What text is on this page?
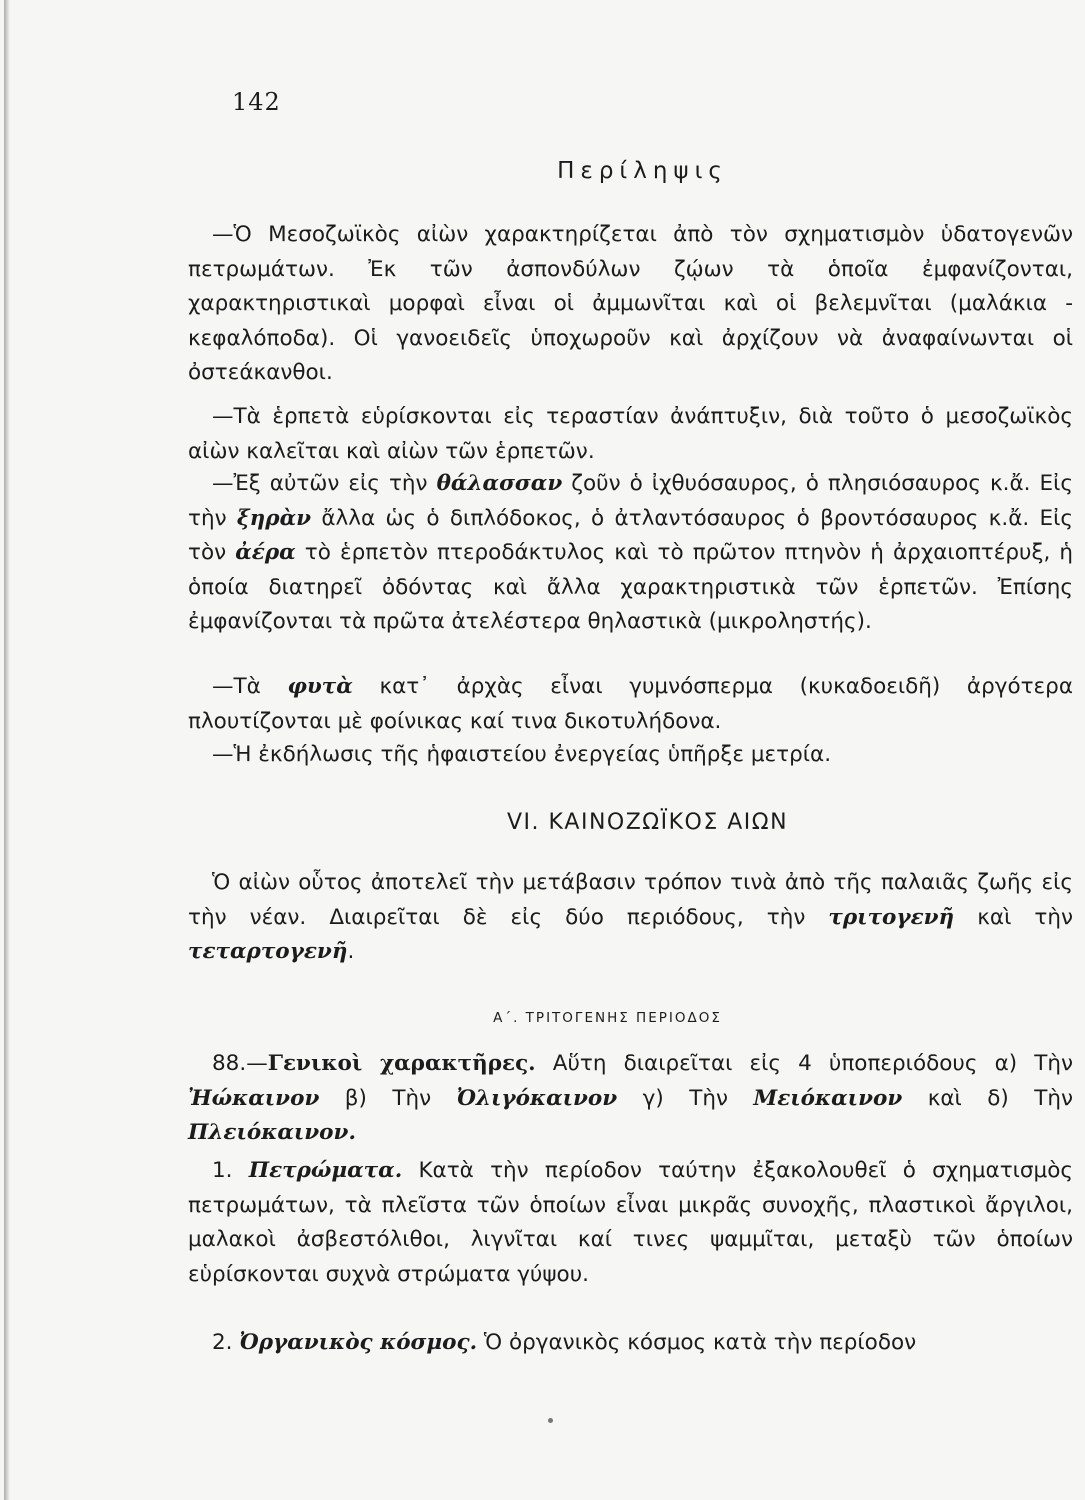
142
Περίληψις

—Ὁ Μεσοζωϊκὸς αἰὼν χαρακτηρίζεται ἀπὸ τὸν σχηματισμὸν ὑδατογενῶν πετρωμάτων. Ἐκ τῶν ἀσπονδύλων ζῴων τὰ ὁποῖα ἐμφανίζονται, χαρακτηριστικαὶ μορφαὶ εἶναι οἱ ἀμμωνῖται καὶ οἱ βελεμνῖται (μαλάκια - κεφαλόποδα). Οἱ γανοειδεῖς ὑποχωροῦν καὶ ἀρχίζουν νὰ ἀναφαίνωνται οἱ ὀστεάκανθοι.

—Τὰ ἑρπετὰ εὑρίσκονται εἰς τεραστίαν ἀνάπτυξιν, διὰ τοῦτο ὁ μεσοζωϊκὸς αἰὼν καλεῖται καὶ αἰὼν τῶν ἑρπετῶν.

—Ἐξ αὐτῶν εἰς τὴν θάλασσαν ζοῦν ὁ ἰχθυόσαυρος, ὁ πλησιόσαυρος κ.ἄ. Εἰς τὴν ξηρὰν ἄλλα ὡς ὁ διπλόδοκος, ὁ ἀτλαντόσαυρος ὁ βροντόσαυρος κ.ἄ. Εἰς τὸν ἀέρα τὸ ἑρπετὸν πτεροδάκτυλος καὶ τὸ πρῶτον πτηνὸν ἡ ἀρχαιοπτέρυξ, ἡ ὁποία διατηρεῖ ὀδόντας καὶ ἄλλα χαρακτηριστικὰ τῶν ἑρπετῶν. Ἐπίσης ἐμφανίζονται τὰ πρῶτα ἀτελέστερα θηλαστικὰ (μικροληστής).

—Τὰ φυτὰ κατ᾽ ἀρχὰς εἶναι γυμνόσπερμα (κυκαδοειδῆ) ἀργότερα πλουτίζονται μὲ φοίνικας καί τινα δικοτυλήδονα.

—Ἡ ἐκδήλωσις τῆς ἡφαιστείου ἐνεργείας ὑπῆρξε μετρία.

VI. ΚΑΙΝΟΖΩΪΚΟΣ ΑΙΩΝ

Ὁ αἰὼν οὗτος ἀποτελεῖ τὴν μετάβασιν τρόπον τινὰ ἀπὸ τῆς παλαιᾶς ζωῆς εἰς τὴν νέαν. Διαιρεῖται δὲ εἰς δύο περιόδους, τὴν τριτογενῆ καὶ τὴν τεταρτογενῆ.

Α΄. ΤΡΙΤΟΓΕΝΗΣ ΠΕΡΙΟΔΟΣ

88.—Γενικοὶ χαρακτῆρες. Αὕτη διαιρεῖται εἰς 4 ὑποπεριόδους α) Τὴν Ἠώκαινον β) Τὴν Ὀλιγόκαινον γ) Τὴν Μειόκαινον καὶ δ) Τὴν Πλειόκαινον.

1. Πετρώματα. Κατὰ τὴν περίοδον ταύτην ἐξακολουθεῖ ὁ σχηματισμὸς πετρωμάτων, τὰ πλεῖστα τῶν ὁποίων εἶναι μικρᾶς συνοχῆς, πλαστικοὶ ἄργιλοι, μαλακοὶ ἀσβεστόλιθοι, λιγνῖται καί τινες ψαμμῖται, μεταξὺ τῶν ὁποίων εὑρίσκονται συχνὰ στρώματα γύψου.

2. Ὀργανικὸς κόσμος. Ὁ ὀργανικὸς κόσμος κατὰ τὴν περίοδον
